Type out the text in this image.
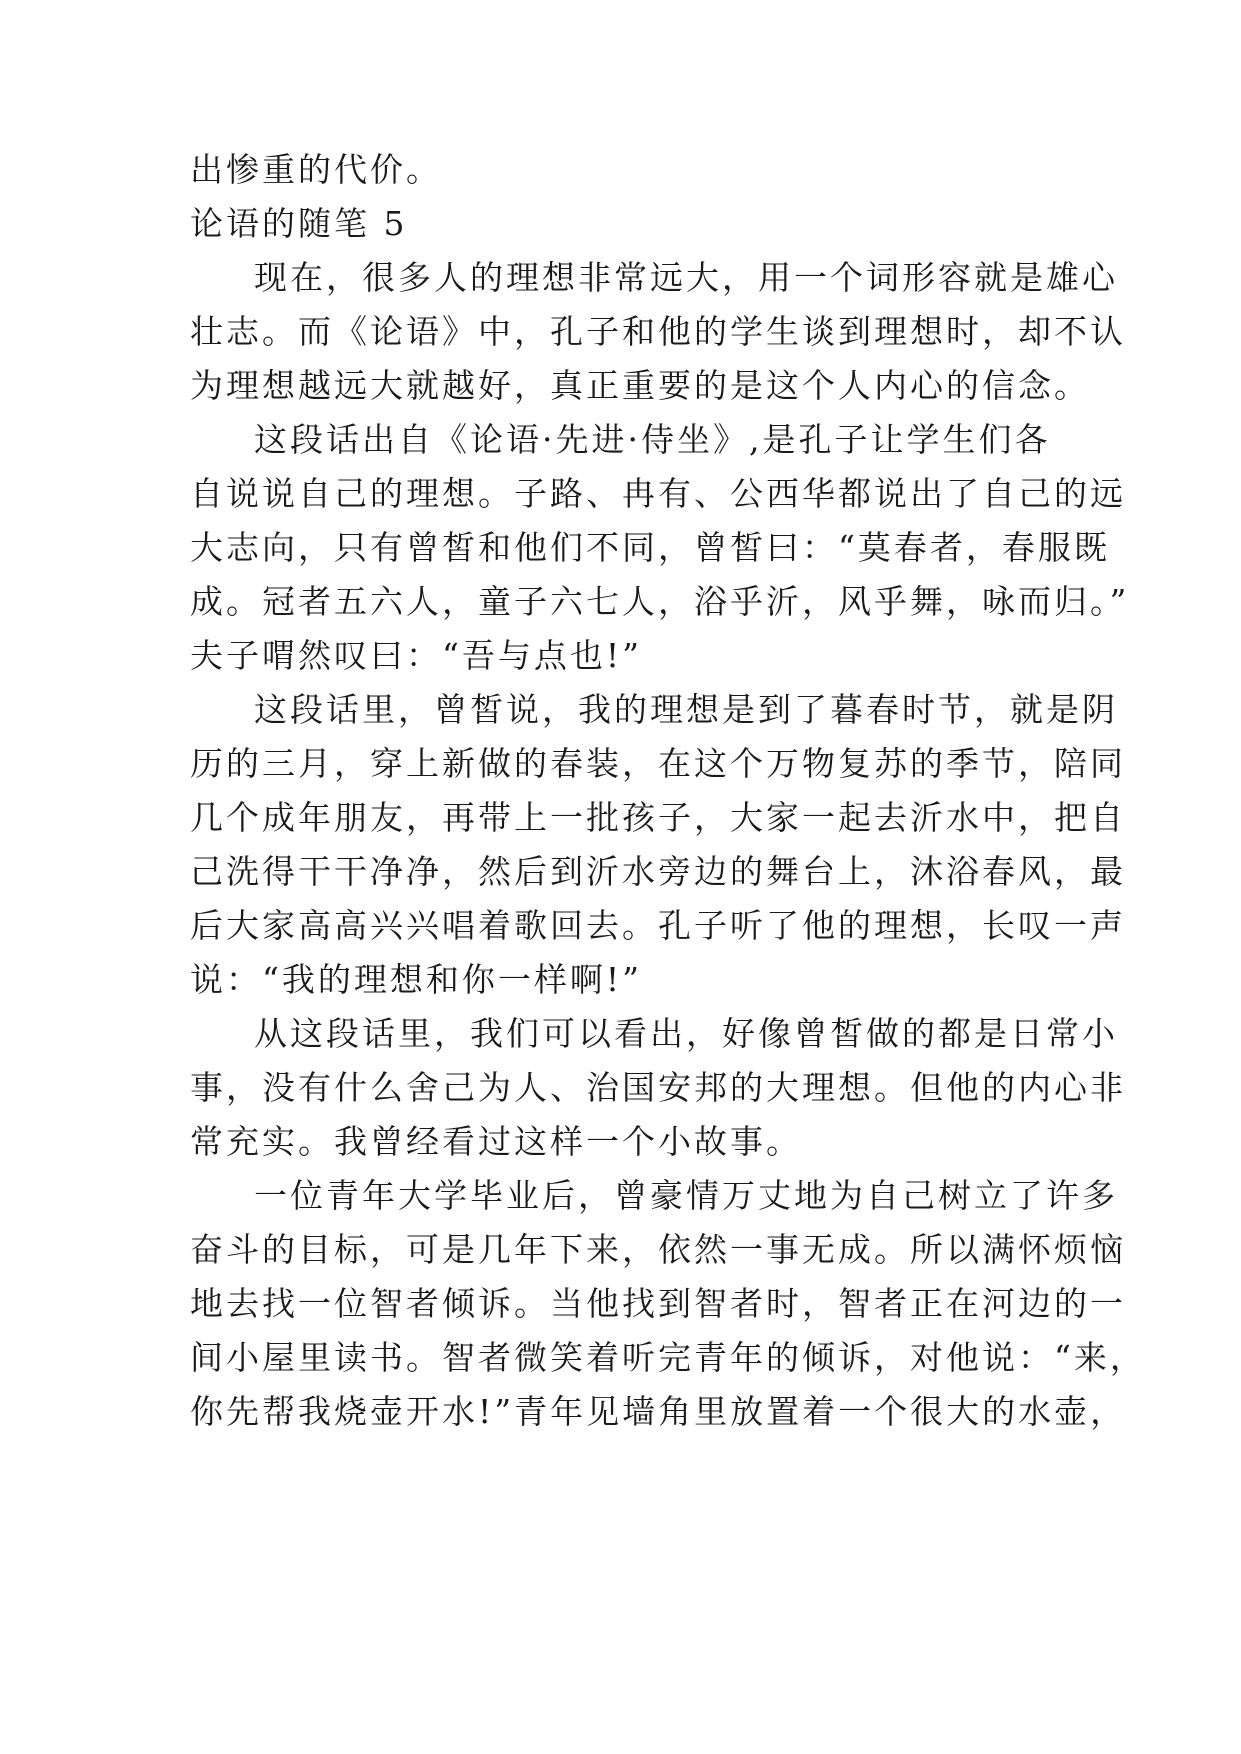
出惨重的代价。
论语的随笔 5
现在，很多人的理想非常远大，用一个词形容就是雄心
壮志。而《论语》中，孔子和他的学生谈到理想时，却不认
为理想越远大就越好，真正重要的是这个人内心的信念。
这段话出自《论语·先进·侍坐》,是孔子让学生们各
自说说自己的理想。子路、冉有、公西华都说出了自己的远
大志向，只有曾皙和他们不同，曾皙曰：“莫春者，春服既
成。冠者五六人，童子六七人，浴乎沂，风乎舞，咏而归。”
夫子喟然叹曰：“吾与点也!”
这段话里，曾皙说，我的理想是到了暮春时节，就是阴
历的三月，穿上新做的春装，在这个万物复苏的季节，陪同
几个成年朋友，再带上一批孩子，大家一起去沂水中，把自
己洗得干干净净，然后到沂水旁边的舞台上，沐浴春风，最
后大家高高兴兴唱着歌回去。孔子听了他的理想，长叹一声
说：“我的理想和你一样啊!”
从这段话里，我们可以看出，好像曾皙做的都是日常小
事，没有什么舍己为人、治国安邦的大理想。但他的内心非
常充实。我曾经看过这样一个小故事。
一位青年大学毕业后，曾豪情万丈地为自己树立了许多
奋斗的目标，可是几年下来，依然一事无成。所以满怀烦恼
地去找一位智者倾诉。当他找到智者时，智者正在河边的一
间小屋里读书。智者微笑着听完青年的倾诉，对他说：“来，
你先帮我烧壶开水!”青年见墙角里放置着一个很大的水壶，
